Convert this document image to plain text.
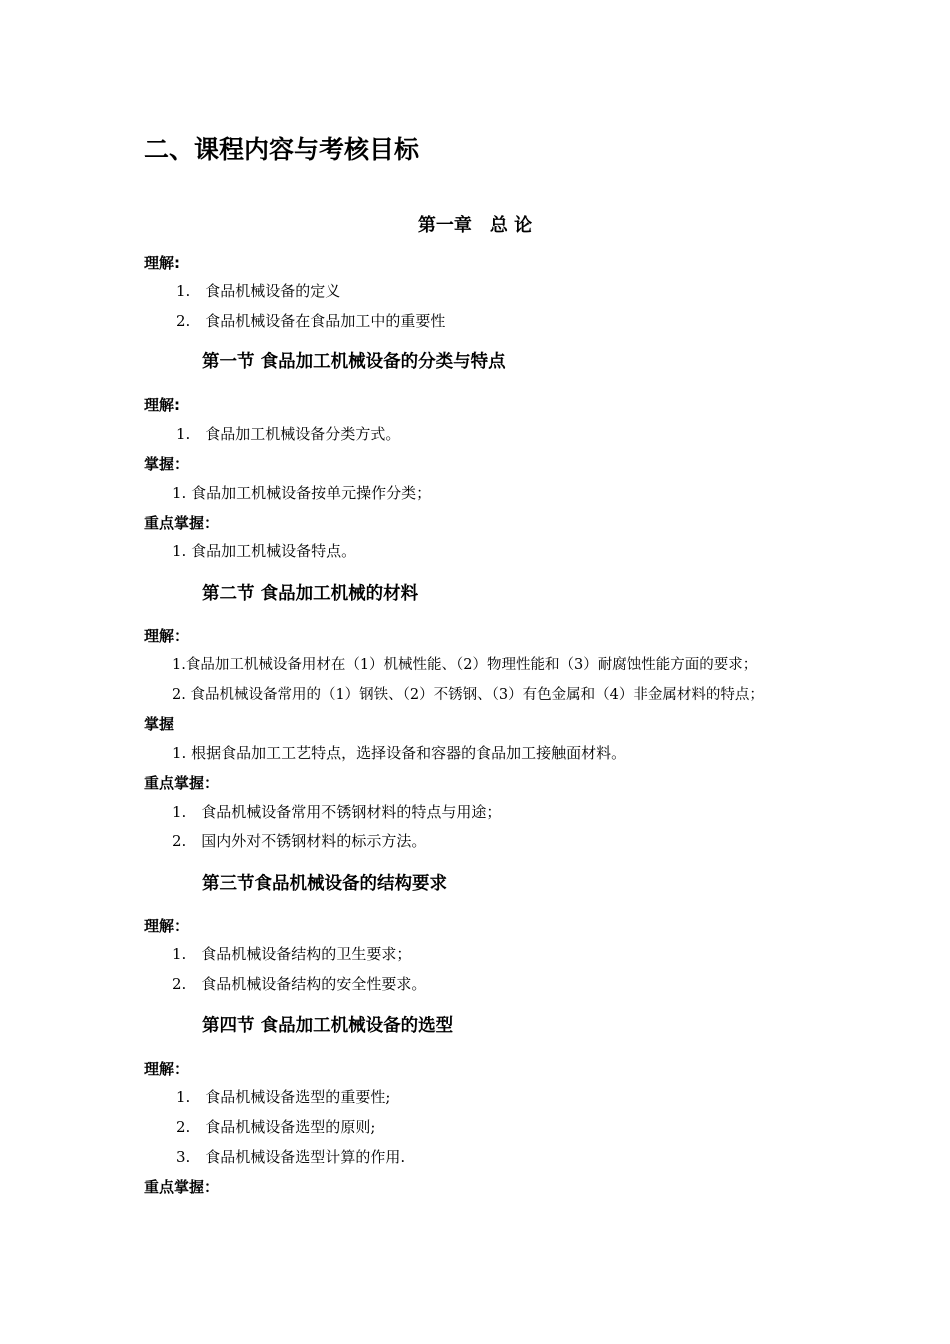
二、课程内容与考核目标
第一章　总 论
理解:
1.　食品机械设备的定义
2.　食品机械设备在食品加工中的重要性
第一节 食品加工机械设备的分类与特点
理解:
1.　食品加工机械设备分类方式。
掌握：
1. 食品加工机械设备按单元操作分类；
重点掌握：
1. 食品加工机械设备特点。
第二节 食品加工机械的材料
理解：
1.食品加工机械设备用材在（1）机械性能、（2）物理性能和（3）耐腐蚀性能方面的要求；
2. 食品机械设备常用的（1）钢铁、（2）不锈钢、（3）有色金属和（4）非金属材料的特点；
掌握
1. 根据食品加工工艺特点，选择设备和容器的食品加工接触面材料。
重点掌握：
1.　食品机械设备常用不锈钢材料的特点与用途；
2.　国内外对不锈钢材料的标示方法。
第三节食品机械设备的结构要求
理解：
1.　食品机械设备结构的卫生要求；
2.　食品机械设备结构的安全性要求。
第四节 食品加工机械设备的选型
理解：
1.　食品机械设备选型的重要性;
2.　食品机械设备选型的原则;
3.　食品机械设备选型计算的作用.
重点掌握：
